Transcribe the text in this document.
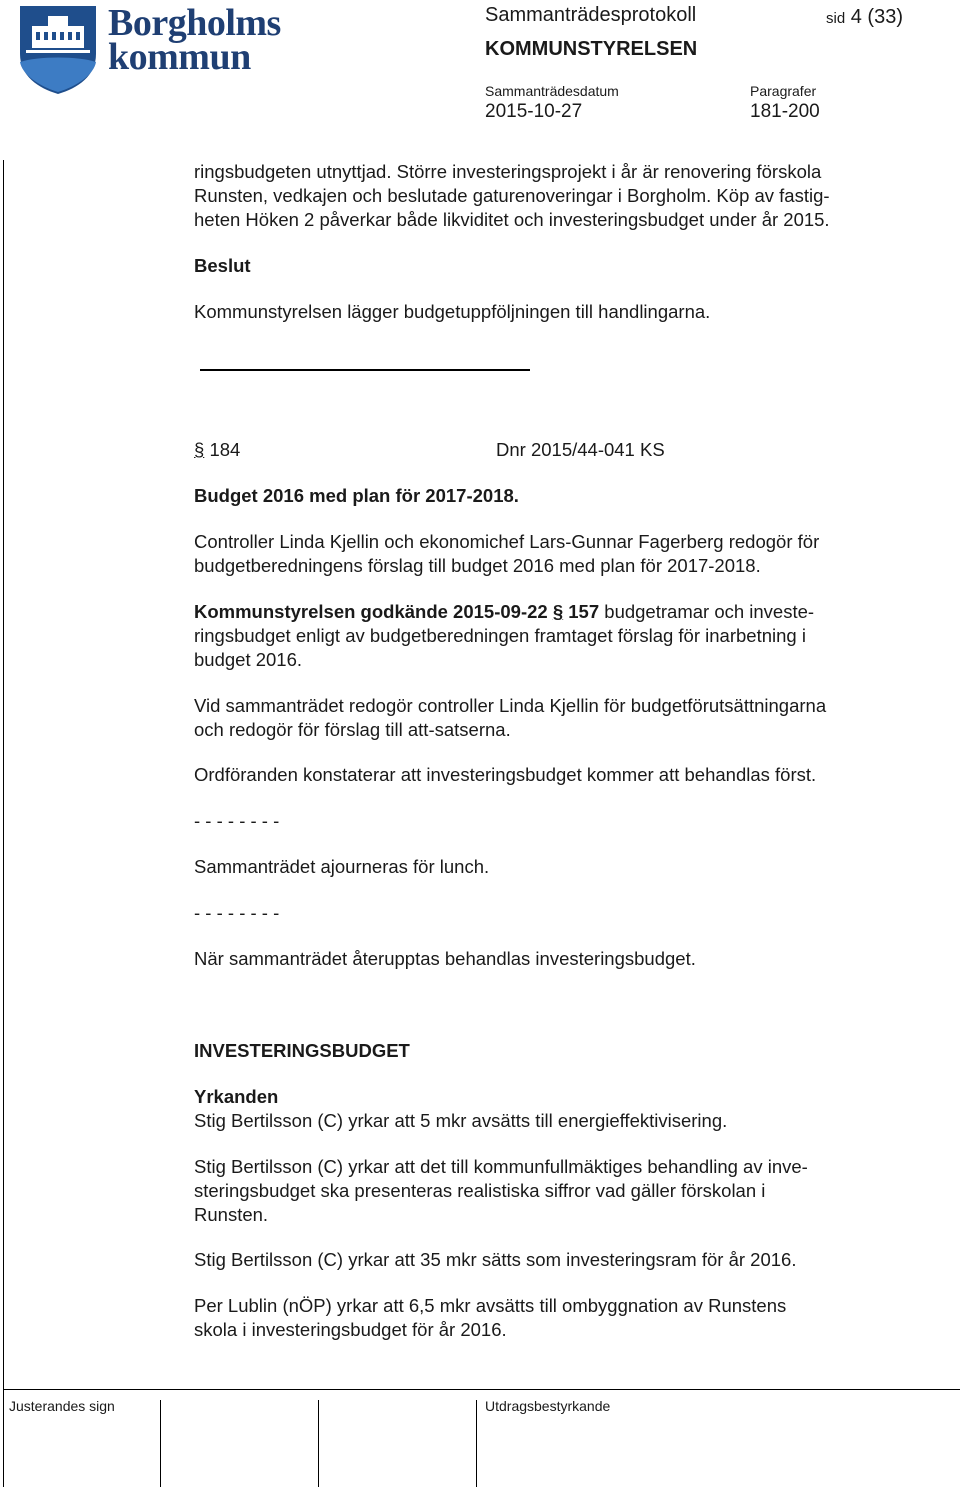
Borgholms
kommun
Sammanträdesprotokoll	sid 4 (33)
KOMMUNSTYRELSEN
Sammanträdesdatum	Paragrafer
2015-10-27	181-200
ringsbudgeten utnyttjad. Större investeringsprojekt i år är renovering förskola
Runsten, vedkajen och beslutade gaturenoveringar i Borgholm. Köp av fastig-
heten Höken 2 påverkar både likviditet och investeringsbudget under år 2015.
Beslut
Kommunstyrelsen lägger budgetuppföljningen till handlingarna.
§ 184	Dnr 2015/44-041 KS
Budget 2016 med plan för 2017-2018.
Controller Linda Kjellin och ekonomichef Lars-Gunnar Fagerberg redogör för
budgetberedningens förslag till budget 2016 med plan för 2017-2018.
Kommunstyrelsen godkände 2015-09-22 § 157 budgetramar och investe-
ringsbudget enligt av budgetberedningen framtaget förslag för inarbetning i
budget 2016.
Vid sammanträdet redogör controller Linda Kjellin för budgetförutsättningarna
och redogör för förslag till att-satserna.
Ordföranden konstaterar att investeringsbudget kommer att behandlas först.
- - - - - - - -
Sammanträdet ajourneras för lunch.
- - - - - - - -
När sammanträdet återupptas behandlas investeringsbudget.
INVESTERINGSBUDGET
Yrkanden
Stig Bertilsson (C) yrkar att 5 mkr avsätts till energieffektivisering.
Stig Bertilsson (C) yrkar att det till kommunfullmäktiges behandling av inve-
steringsbudget ska presenteras realistiska siffror vad gäller förskolan i
Runsten.
Stig Bertilsson (C) yrkar att 35 mkr sätts som investeringsram för år 2016.
Per Lublin (nÖP) yrkar att 6,5 mkr avsätts till ombyggnation av Runstens
skola i investeringsbudget för år 2016.
Justerandes sign	Utdragsbestyrkande
